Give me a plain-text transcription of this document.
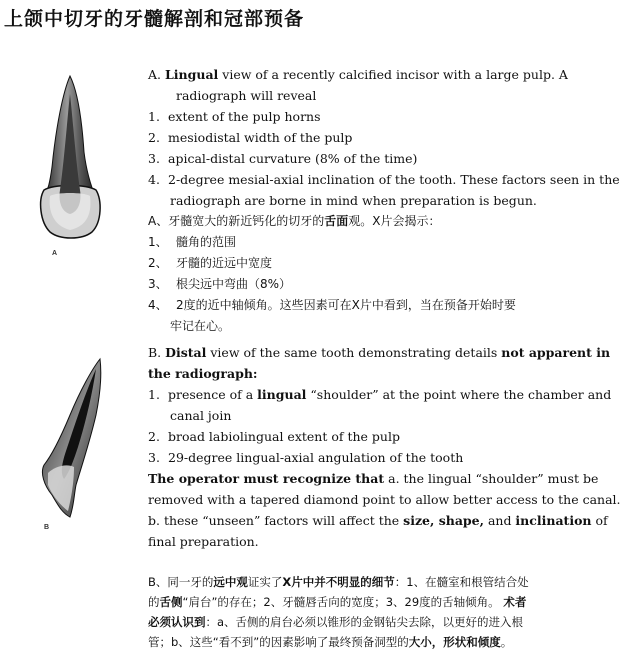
上颌中切牙的牙髓解剖和冠部预备
A
B
A. Lingual view of a recently calcified incisor with a large pulp. A
radiograph will reveal
1. extent of the pulp horns
2. mesiodistal width of the pulp
3. apical-distal curvature (8% of the time)
4. 2-degree mesial-axial inclination of the tooth. These factors seen in the
radiograph are borne in mind when preparation is begun.
A、牙髓宽大的新近钙化的切牙的舌面观。X片会揭示：
1、 髓角的范围
2、 牙髓的近远中宽度
3、 根尖远中弯曲（8%）
4、 2度的近中轴倾角。这些因素可在X片中看到，当在预备开始时要
牢记在心。
B. Distal view of the same tooth demonstrating details not apparent in
the radiograph:
1. presence of a lingual “shoulder” at the point where the chamber and
canal join
2. broad labiolingual extent of the pulp
3. 29-degree lingual-axial angulation of the tooth
The operator must recognize that a. the lingual “shoulder” must be
removed with a tapered diamond point to allow better access to the canal.
b. these “unseen” factors will affect the size, shape, and inclination of
final preparation.
B、同一牙的远中观证实了X片中并不明显的细节：1、在髓室和根管结合处
的舌侧“肩台”的存在；2、牙髓唇舌向的宽度；3、29度的舌轴倾角。 术者
必须认识到：a、舌侧的肩台必须以锥形的金钢钻尖去除，以更好的进入根
管；b、这些“看不到”的因素影响了最终预备洞型的大小，形状和倾度。
